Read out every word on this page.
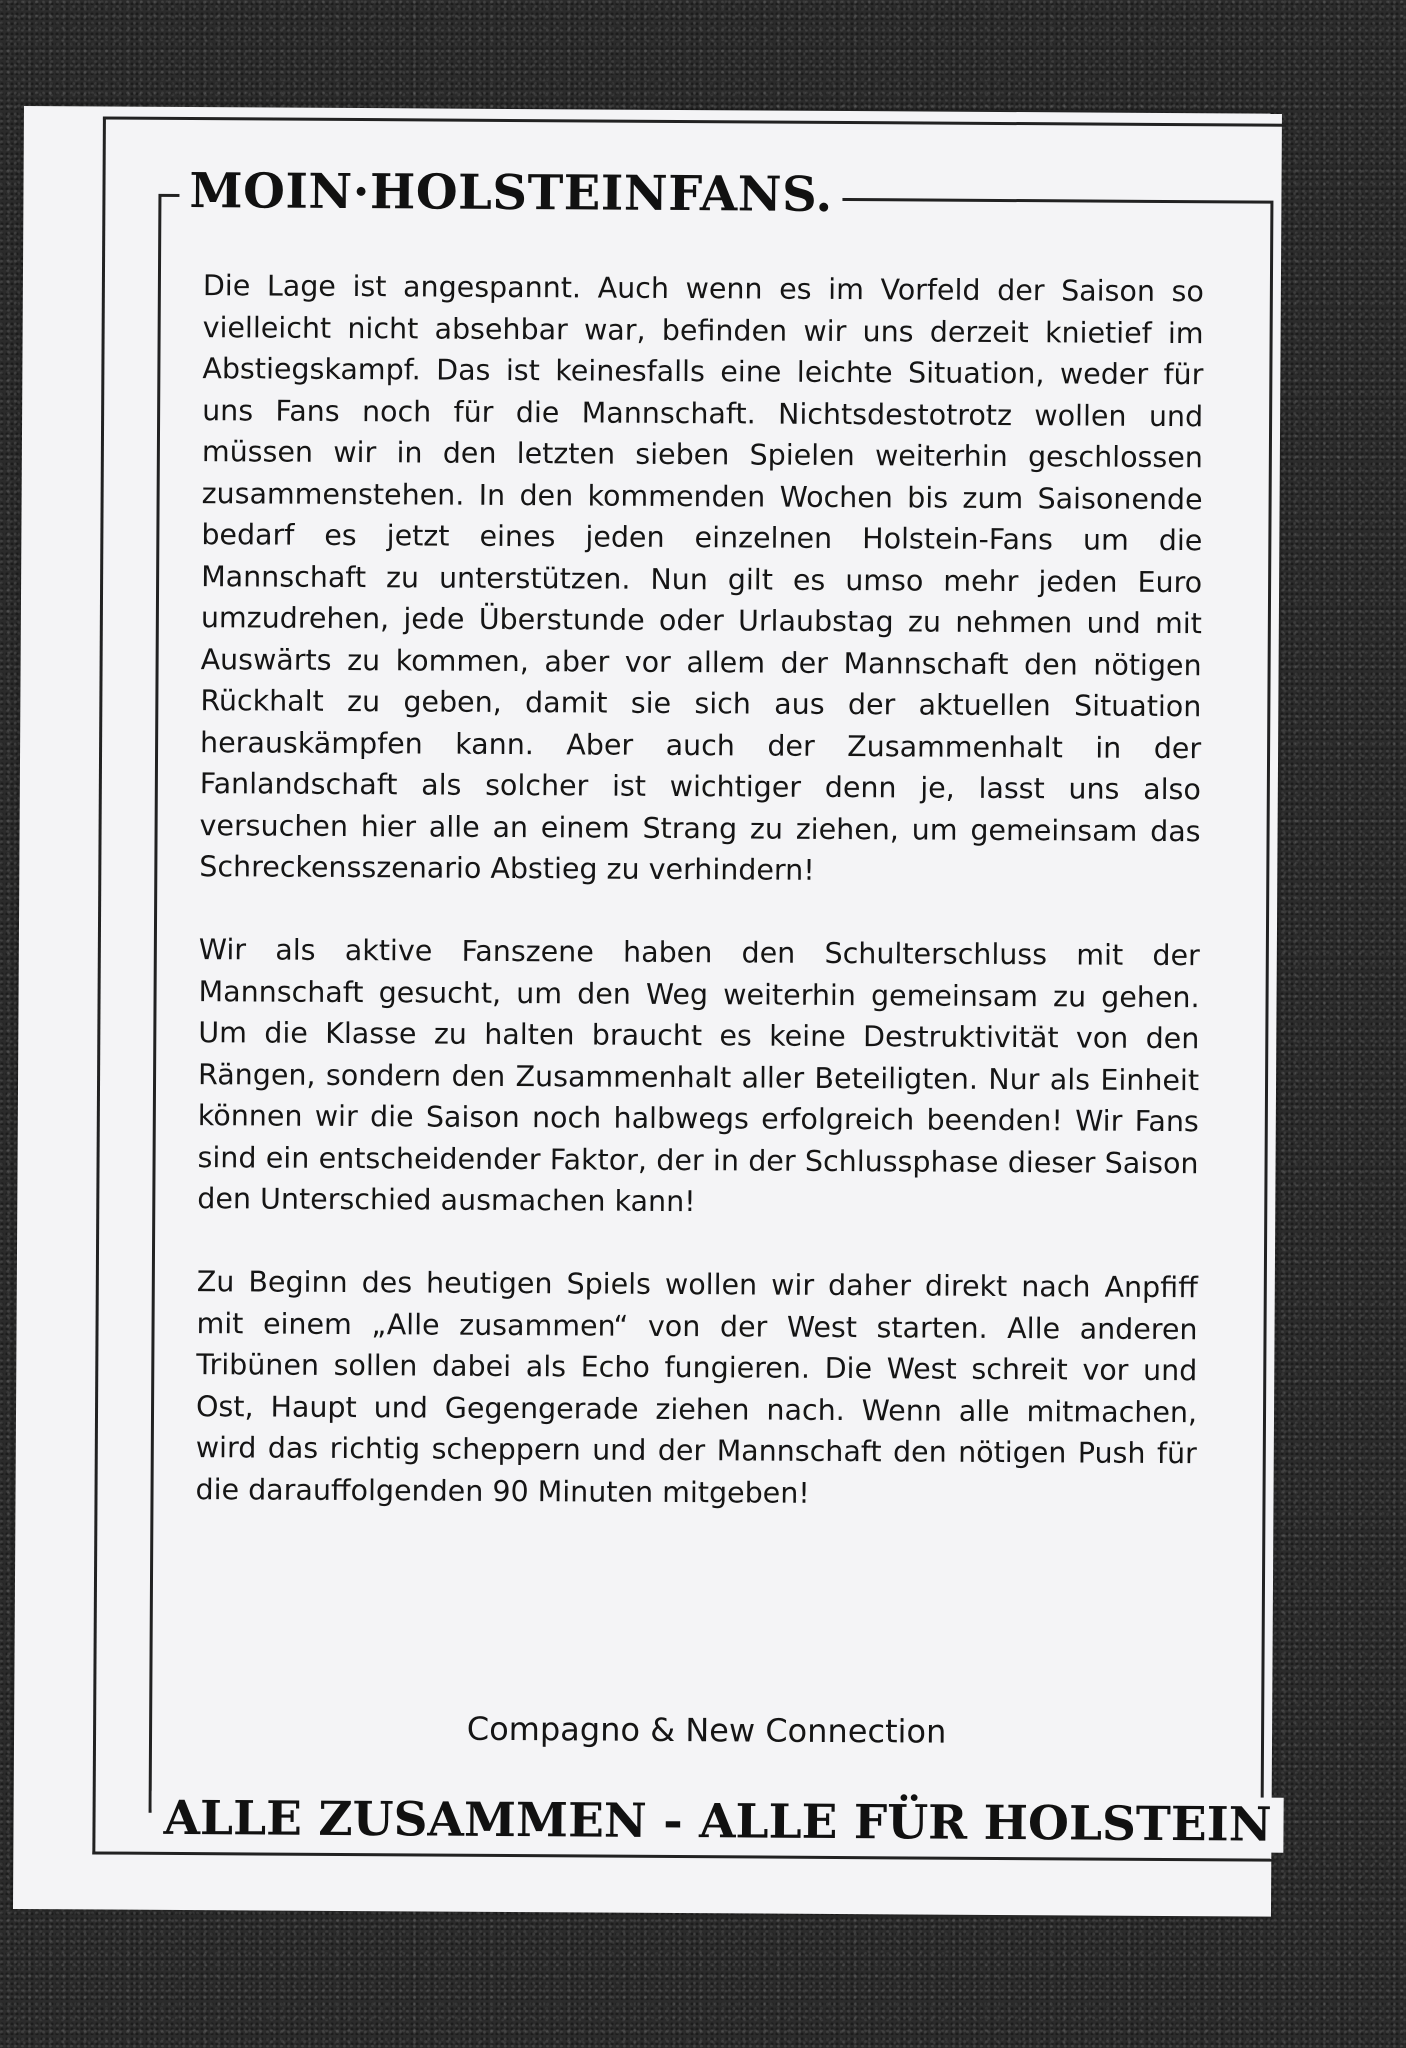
MOIN·HOLSTEINFANS.

Die Lage ist angespannt. Auch wenn es im Vorfeld der Saison so vielleicht nicht absehbar war, befinden wir uns derzeit knietief im Abstiegskampf. Das ist keinesfalls eine leichte Situation, weder für uns Fans noch für die Mannschaft. Nichtsdestotrotz wollen und müssen wir in den letzten sieben Spielen weiterhin geschlossen zusammenstehen. In den kommenden Wochen bis zum Saisonende bedarf es jetzt eines jeden einzelnen Holstein-Fans um die Mannschaft zu unterstützen. Nun gilt es umso mehr jeden Euro umzudrehen, jede Überstunde oder Urlaubstag zu nehmen und mit Auswärts zu kommen, aber vor allem der Mannschaft den nötigen Rückhalt zu geben, damit sie sich aus der aktuellen Situation herauskämpfen kann. Aber auch der Zusammenhalt in der Fanlandschaft als solcher ist wichtiger denn je, lasst uns also versuchen hier alle an einem Strang zu ziehen, um gemeinsam das Schreckensszenario Abstieg zu verhindern!

Wir als aktive Fanszene haben den Schulterschluss mit der Mannschaft gesucht, um den Weg weiterhin gemeinsam zu gehen. Um die Klasse zu halten braucht es keine Destruktivität von den Rängen, sondern den Zusammenhalt aller Beteiligten. Nur als Einheit können wir die Saison noch halbwegs erfolgreich beenden! Wir Fans sind ein entscheidender Faktor, der in der Schlussphase dieser Saison den Unterschied ausmachen kann!

Zu Beginn des heutigen Spiels wollen wir daher direkt nach Anpfiff mit einem „Alle zusammen“ von der West starten. Alle anderen Tribünen sollen dabei als Echo fungieren. Die West schreit vor und Ost, Haupt und Gegengerade ziehen nach. Wenn alle mitmachen, wird das richtig scheppern und der Mannschaft den nötigen Push für die darauffolgenden 90 Minuten mitgeben!

Compagno & New Connection
ALLE ZUSAMMEN - ALLE FÜR HOLSTEIN
